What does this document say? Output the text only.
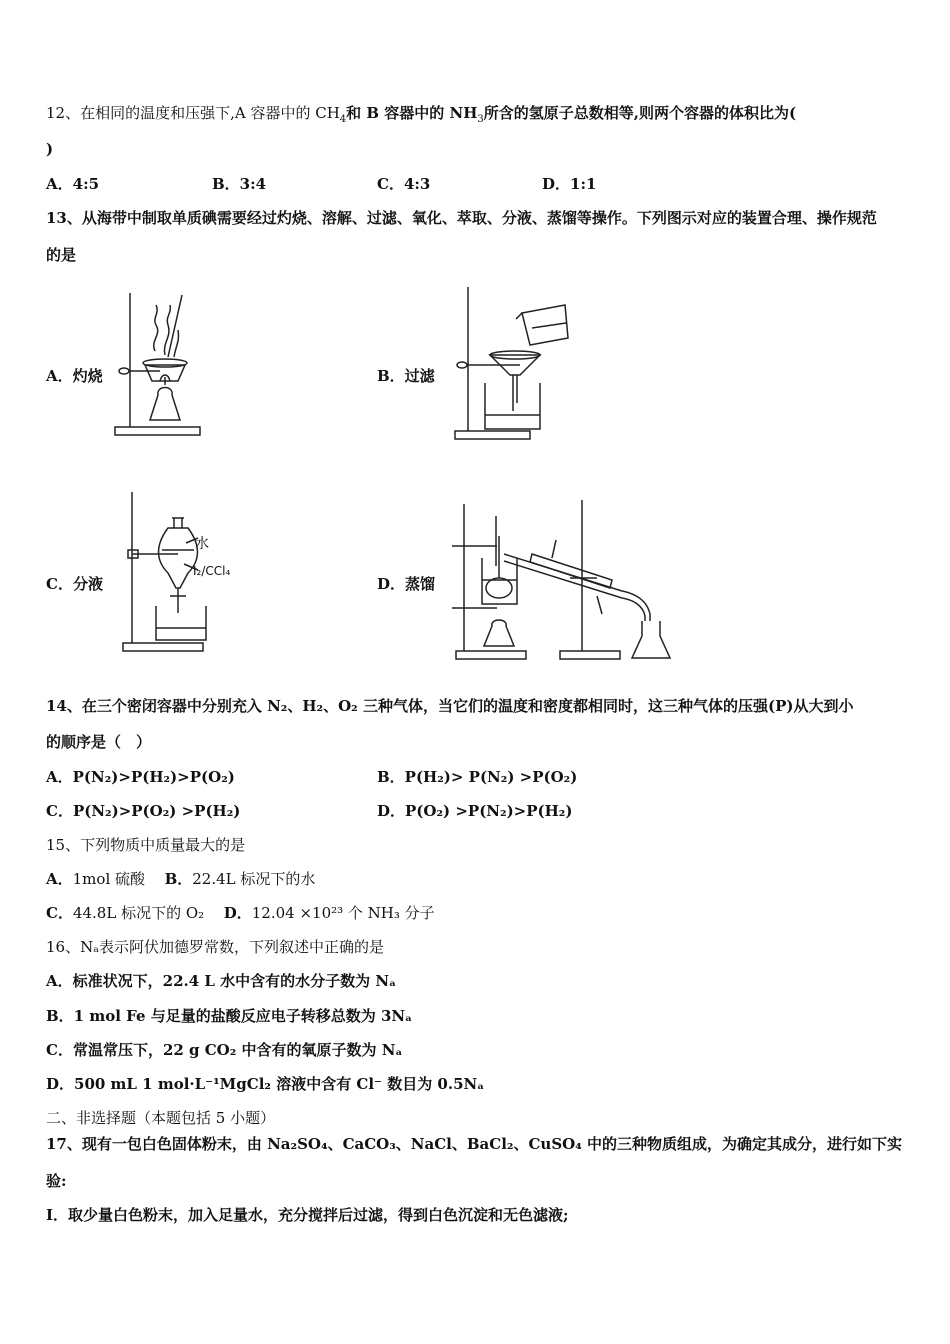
12、在相同的温度和压强下,A 容器中的 $CH_4$和 B 容器中的 $NH_3$所含的氢原子总数相等,则两个容器的体积比为(
)
A．4:5	B．3:4	C．4:3	D．1:1
13、从海带中制取单质碘需要经过灼烧、溶解、过滤、氧化、萃取、分液、蒸馏等操作。下列图示对应的装置合理、操作规范
的是
A．灼烧	B．过滤
C．分液	D．蒸馏
水
I₂/CCl₄
14、在三个密闭容器中分别充入 N₂、H₂、O₂ 三种气体，当它们的温度和密度都相同时，这三种气体的压强(P)从大到小
的顺序是（　）
A．P(N₂)>P(H₂)>P(O₂)	B．P(H₂)> P(N₂) >P(O₂)
C．P(N₂)>P(O₂) >P(H₂)	D．P(O₂) >P(N₂)>P(H₂)
15、下列物质中质量最大的是
A．1mol 硫酸 B．22.4L 标况下的水
C．44.8L 标况下的 O₂ D．12.04 ×10²³ 个 NH₃ 分子
16、Nₐ表示阿伏加德罗常数，下列叙述中正确的是
A．标准状况下，22.4 L 水中含有的水分子数为 Nₐ
B．1 mol Fe 与足量的盐酸反应电子转移总数为 3Nₐ
C．常温常压下，22 g CO₂ 中含有的氧原子数为 Nₐ
D．500 mL 1 mol·L⁻¹MgCl₂ 溶液中含有 Cl⁻ 数目为 0.5Nₐ
二、非选择题（本题包括 5 小题）
17、现有一包白色固体粉末，由 Na₂SO₄、CaCO₃、NaCl、BaCl₂、CuSO₄ 中的三种物质组成，为确定其成分，进行如下实
验:
Ⅰ．取少量白色粉末，加入足量水，充分搅拌后过滤，得到白色沉淀和无色滤液;
